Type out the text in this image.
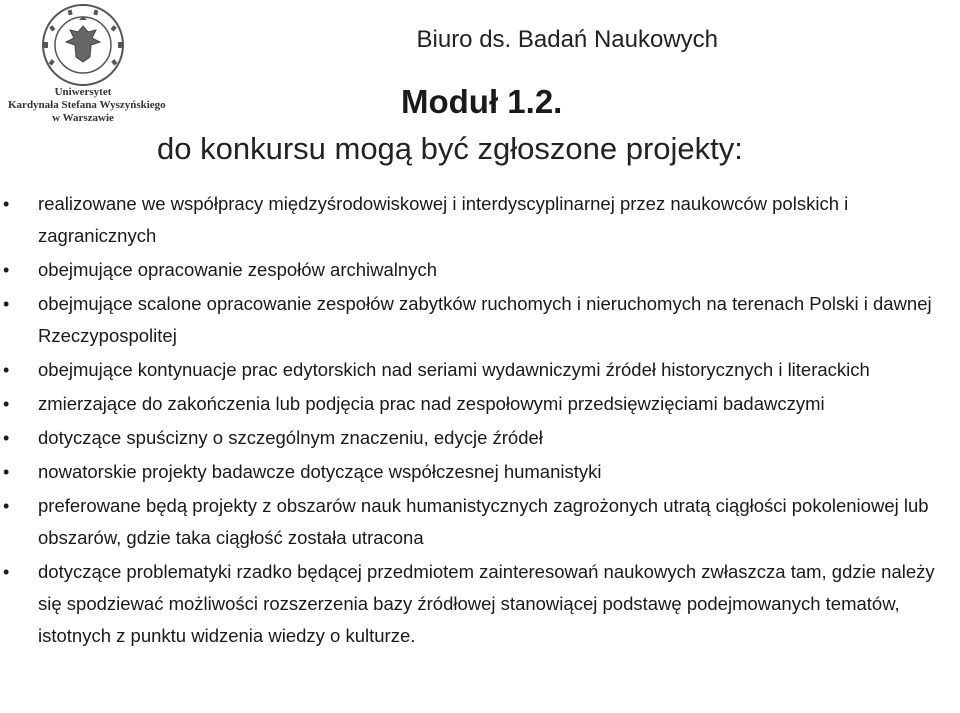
Uniwersytet
Kardynała Stefana Wyszyńskiego
w Warszawie
Biuro ds. Badań Naukowych
Moduł 1.2.
do konkursu mogą być zgłoszone projekty:
• realizowane we współpracy międzyśrodowiskowej i interdyscyplinarnej przez naukowców polskich i zagranicznych
• obejmujące opracowanie zespołów archiwalnych
• obejmujące scalone opracowanie zespołów zabytków ruchomych i nieruchomych na terenach Polski i dawnej Rzeczypospolitej
• obejmujące kontynuacje prac edytorskich nad seriami wydawniczymi źródeł historycznych i literackich
• zmierzające do zakończenia lub podjęcia prac nad zespołowymi przedsięwzięciami badawczymi
• dotyczące spuścizny o szczególnym znaczeniu, edycje źródeł
• nowatorskie projekty badawcze dotyczące współczesnej humanistyki
• preferowane będą projekty z obszarów nauk humanistycznych zagrożonych utratą ciągłości pokoleniowej lub obszarów, gdzie taka ciągłość została utracona
• dotyczące problematyki rzadko będącej przedmiotem zainteresowań naukowych zwłaszcza tam, gdzie należy się spodziewać możliwości rozszerzenia bazy źródłowej stanowiącej podstawę podejmowanych tematów, istotnych z punktu widzenia wiedzy o kulturze.
